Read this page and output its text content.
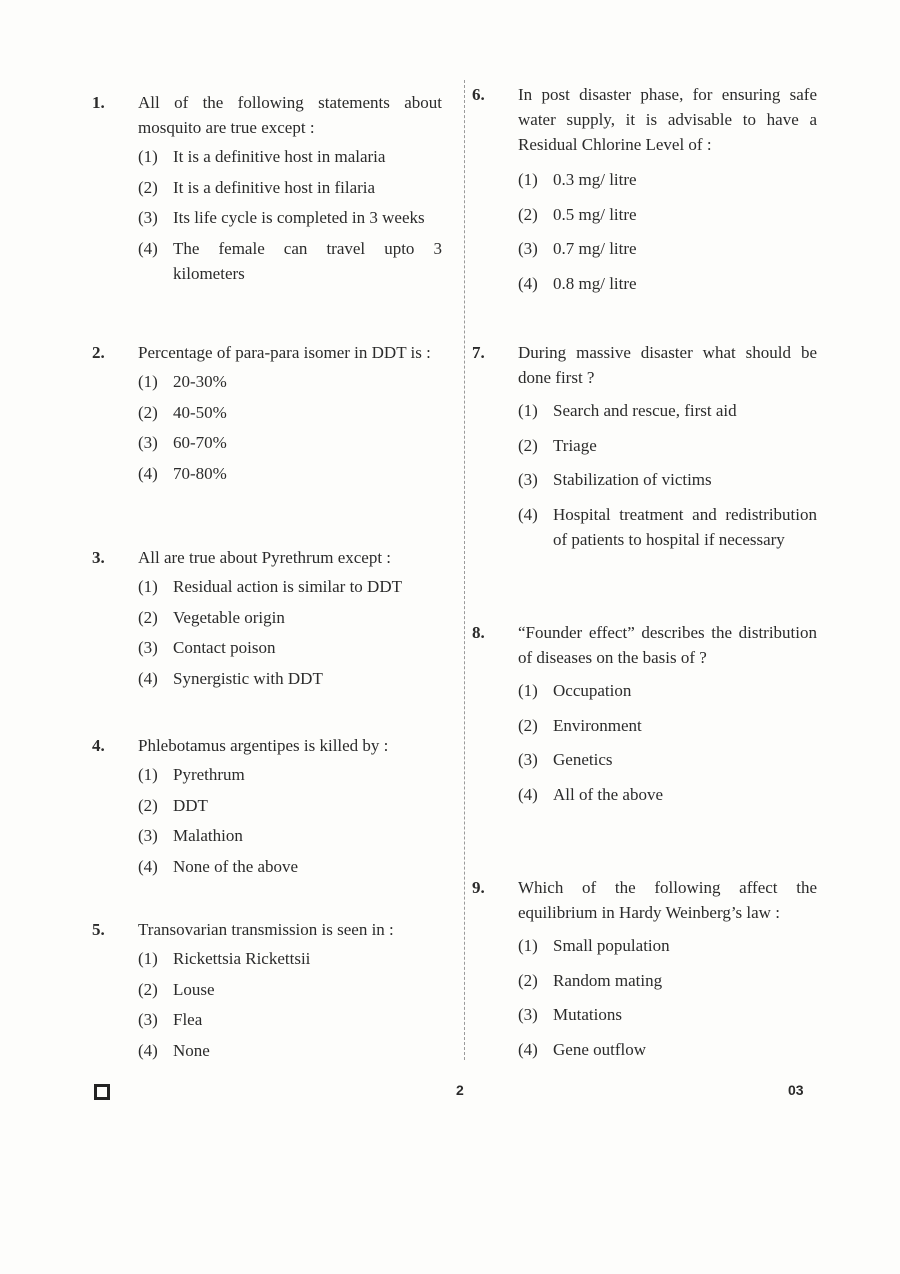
1.	All of the following statements about mosquito are true except :
(1) It is a definitive host in malaria
(2) It is a definitive host in filaria
(3) Its life cycle is completed in 3 weeks
(4) The female can travel upto 3 kilometers
2.	Percentage of para-para isomer in DDT is :
(1) 20-30%
(2) 40-50%
(3) 60-70%
(4) 70-80%
3.	All are true about Pyrethrum except :
(1) Residual action is similar to DDT
(2) Vegetable origin
(3) Contact poison
(4) Synergistic with DDT
4.	Phlebotamus argentipes is killed by :
(1) Pyrethrum
(2) DDT
(3) Malathion
(4) None of the above
5.	Transovarian transmission is seen in :
(1) Rickettsia Rickettsii
(2) Louse
(3) Flea
(4) None
6.	In post disaster phase, for ensuring safe water supply, it is advisable to have a Residual Chlorine Level of :
(1) 0.3 mg/ litre
(2) 0.5 mg/ litre
(3) 0.7 mg/ litre
(4) 0.8 mg/ litre
7.	During massive disaster what should be done first ?
(1) Search and rescue, first aid
(2) Triage
(3) Stabilization of victims
(4) Hospital treatment and redistribution of patients to hospital if necessary
8.	“Founder effect” describes the distribution of diseases on the basis of ?
(1) Occupation
(2) Environment
(3) Genetics
(4) All of the above
9.	Which of the following affect the equilibrium in Hardy Weinberg’s law :
(1) Small population
(2) Random mating
(3) Mutations
(4) Gene outflow
2	03
